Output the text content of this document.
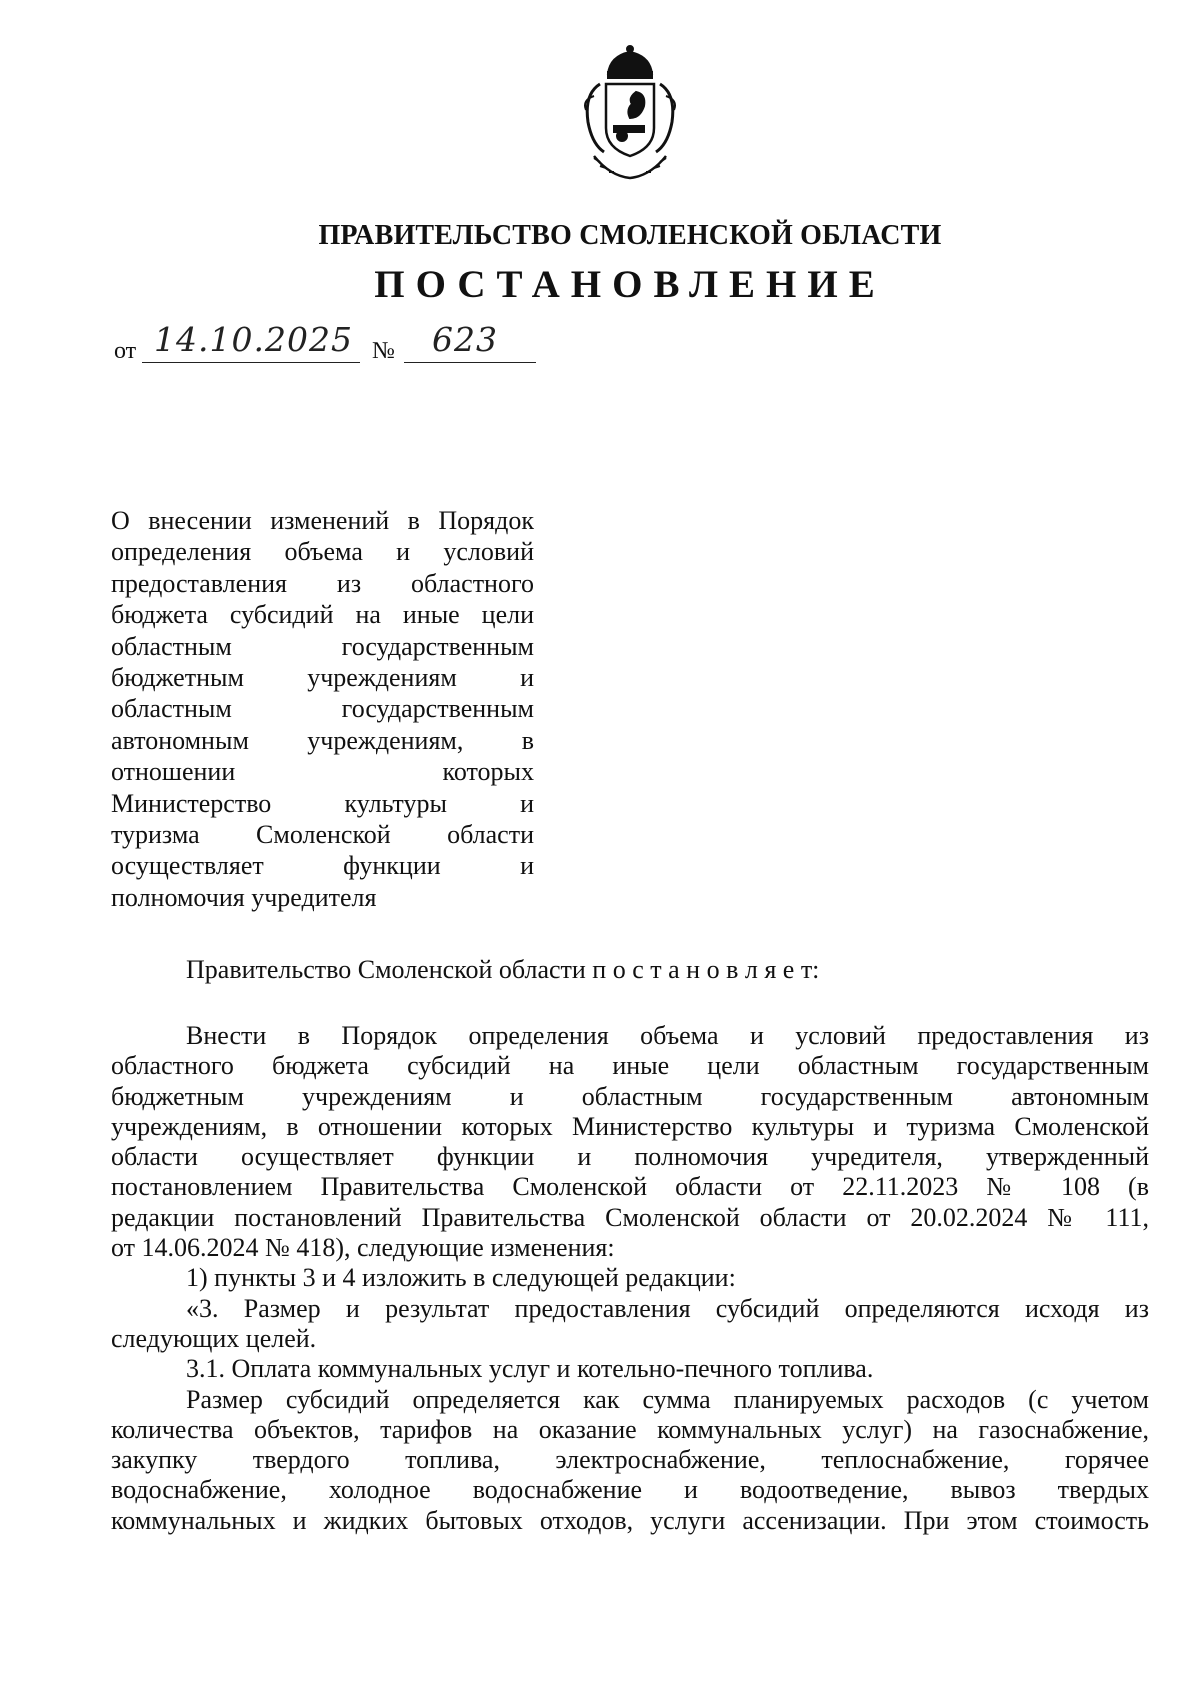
ПРАВИТЕЛЬСТВО СМОЛЕНСКОЙ ОБЛАСТИ
ПОСТАНОВЛЕНИЕ
от 14.10.2025 № 623
О внесении изменений в Порядок
определения объема и условий
предоставления из областного
бюджета субсидий на иные цели
областным государственным
бюджетным учреждениям и
областным государственным
автономным учреждениям, в
отношении которых
Министерство культуры и
туризма Смоленской области
осуществляет функции и
полномочия учредителя
Правительство Смоленской области п о с т а н о в л я е т:
Внести в Порядок определения объема и условий предоставления из
областного бюджета субсидий на иные цели областным государственным
бюджетным учреждениям и областным государственным автономным
учреждениям, в отношении которых Министерство культуры и туризма Смоленской
области осуществляет функции и полномочия учредителя, утвержденный
постановлением Правительства Смоленской области от 22.11.2023 № 108 (в
редакции постановлений Правительства Смоленской области от 20.02.2024 № 111,
от 14.06.2024 № 418), следующие изменения:
1) пункты 3 и 4 изложить в следующей редакции:
«3. Размер и результат предоставления субсидий определяются исходя из
следующих целей.
3.1. Оплата коммунальных услуг и котельно-печного топлива.
Размер субсидий определяется как сумма планируемых расходов (с учетом
количества объектов, тарифов на оказание коммунальных услуг) на газоснабжение,
закупку твердого топлива, электроснабжение, теплоснабжение, горячее
водоснабжение, холодное водоснабжение и водоотведение, вывоз твердых
коммунальных и жидких бытовых отходов, услуги ассенизации. При этом стоимость
